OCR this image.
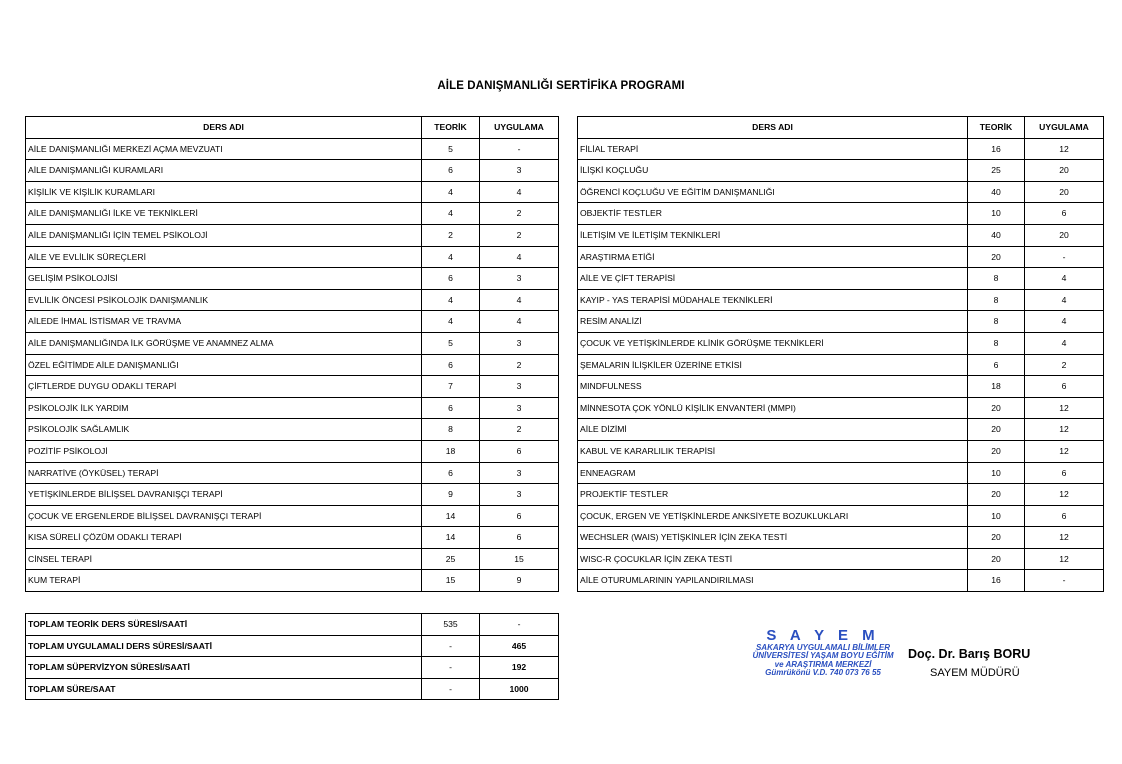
AİLE DANIŞMANLIĞI SERTİFİKA PROGRAMI
DERS ADI	TEORİK	UYGULAMA
AİLE DANIŞMANLIĞI MERKEZİ AÇMA MEVZUATI	5	-
AİLE DANIŞMANLIĞI KURAMLARI	6	3
KİŞİLİK VE KİŞİLİK KURAMLARI	4	4
AİLE DANIŞMANLIĞI İLKE VE TEKNİKLERİ	4	2
AİLE DANIŞMANLIĞI İÇİN TEMEL PSİKOLOJİ	2	2
AİLE VE EVLİLİK SÜREÇLERİ	4	4
GELİŞİM PSİKOLOJİSİ	6	3
EVLİLİK ÖNCESİ PSİKOLOJİK DANIŞMANLIK	4	4
AİLEDE İHMAL İSTİSMAR VE TRAVMA	4	4
AİLE DANIŞMANLIĞINDA İLK GÖRÜŞME VE ANAMNEZ ALMA	5	3
ÖZEL EĞİTİMDE AİLE DANIŞMANLIĞI	6	2
ÇİFTLERDE DUYGU ODAKLI TERAPİ	7	3
PSİKOLOJİK İLK YARDIM	6	3
PSİKOLOJİK SAĞLAMLIK	8	2
POZİTİF PSİKOLOJİ	18	6
NARRATİVE (ÖYKÜSEL) TERAPİ	6	3
YETİŞKİNLERDE BİLİŞSEL DAVRANIŞÇI TERAPİ	9	3
ÇOCUK VE ERGENLERDE BİLİŞSEL DAVRANIŞÇI TERAPİ	14	6
KISA SÜRELİ ÇÖZÜM ODAKLI TERAPİ	14	6
CİNSEL TERAPİ	25	15
KUM TERAPİ	15	9
DERS ADI	TEORİK	UYGULAMA
FİLİAL TERAPİ	16	12
İLİŞKİ KOÇLUĞU	25	20
ÖĞRENCİ KOÇLUĞU VE EĞİTİM DANIŞMANLIĞI	40	20
OBJEKTİF TESTLER	10	6
İLETİŞİM VE İLETİŞİM TEKNİKLERİ	40	20
ARAŞTIRMA ETİĞİ	20	-
AİLE VE ÇİFT TERAPİSİ	8	4
KAYIP - YAS TERAPİSİ MÜDAHALE TEKNİKLERİ	8	4
RESİM ANALİZİ	8	4
ÇOCUK VE YETİŞKİNLERDE KLİNİK GÖRÜŞME TEKNİKLERİ	8	4
ŞEMALARIN İLİŞKİLER ÜZERİNE ETKİSİ	6	2
MINDFULNESS	18	6
MİNNESOTA ÇOK YÖNLÜ KİŞİLİK ENVANTERİ (MMPI)	20	12
AİLE DİZİMİ	20	12
KABUL VE KARARLILIK TERAPİSİ	20	12
ENNEAGRAM	10	6
PROJEKTİF TESTLER	20	12
ÇOCUK, ERGEN VE YETİŞKİNLERDE ANKSİYETE BOZUKLUKLARI	10	6
WECHSLER (WAIS) YETİŞKİNLER İÇİN ZEKA TESTİ	20	12
WISC-R ÇOCUKLAR İÇİN ZEKA TESTİ	20	12
AİLE OTURUMLARININ YAPILANDIRILMASI	16	-
TOPLAM TEORİK DERS SÜRESİ/SAATİ	535	-
TOPLAM UYGULAMALI DERS SÜRESİ/SAATİ	-	465
TOPLAM SÜPERVİZYON SÜRESİ/SAATİ	-	192
TOPLAM SÜRE/SAAT	-	1000
S A Y E M
SAKARYA UYGULAMALI BİLİMLER
ÜNİVERSİTESİ YAŞAM BOYU EĞİTİM
ve ARAŞTIRMA MERKEZİ
Gümrükönü V.D. 740 073 76 55
Doç. Dr. Barış BORU
SAYEM MÜDÜRÜ
